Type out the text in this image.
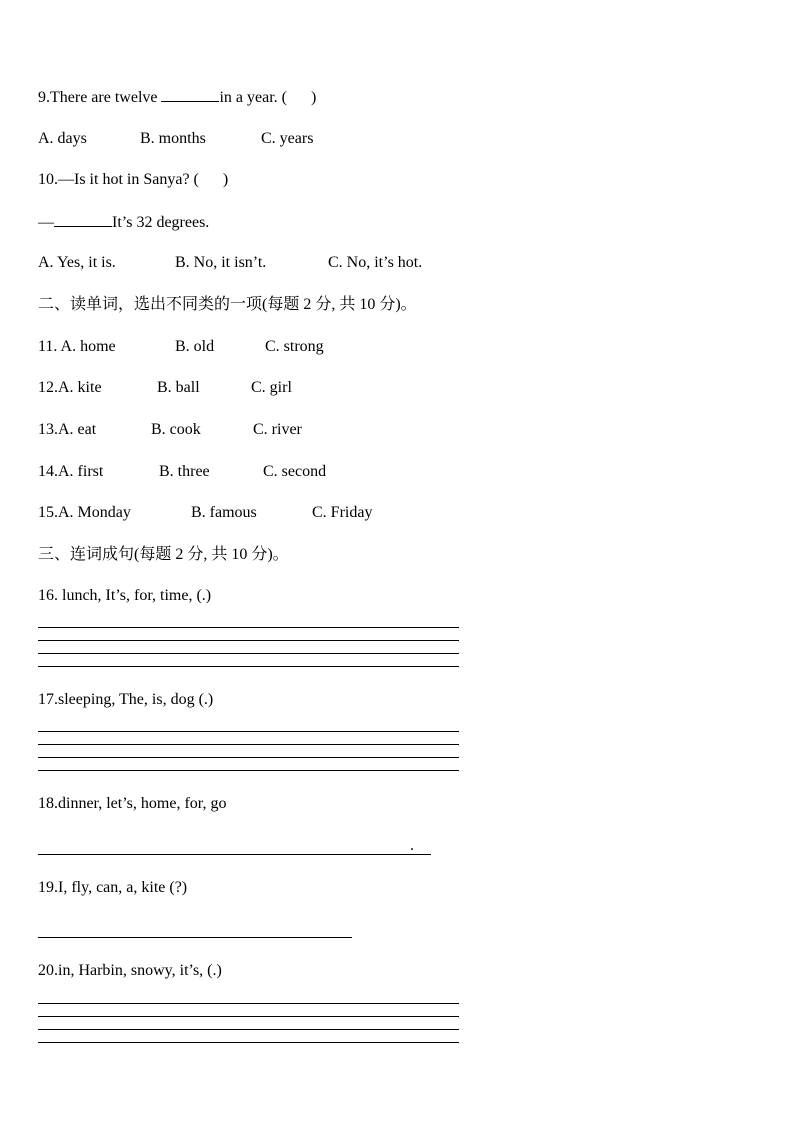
9.There are twelve	in a year. (      )
A. days	B. months	C. years
10.—Is it hot in Sanya? (      )
—	It’s 32 degrees.
A. Yes, it is.	B. No, it isn’t.	C. No, it’s hot.
二、读单词，选出不同类的一项(每题 2 分, 共 10 分)。
11. A. home	B. old	C. strong
12.A. kite	B. ball	C. girl
13.A. eat	B. cook	C. river
14.A. first	B. three	C. second
15.A. Monday	B. famous	C. Friday
三、连词成句(每题 2 分, 共 10 分)。
16. lunch, It’s, for, time, (.)
17.sleeping, The, is, dog (.)
18.dinner, let’s, home, for, go
.
19.I, fly, can, a, kite (?)
20.in, Harbin, snowy, it’s, (.)
